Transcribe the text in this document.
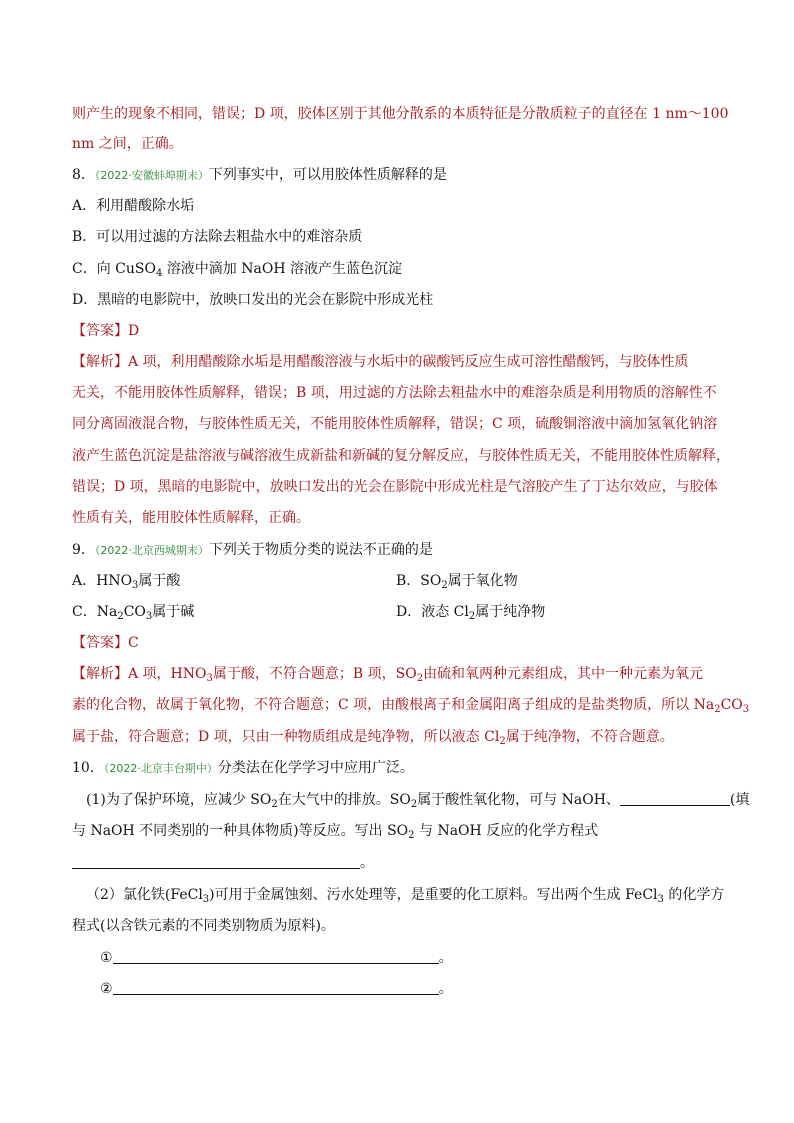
则产生的现象不相同，错误；D 项，胶体区别于其他分散系的本质特征是分散质粒子的直径在 1 nm～100
nm 之间，正确。
8．（2022·安徽蚌埠期末）下列事实中，可以用胶体性质解释的是
A．利用醋酸除水垢
B．可以用过滤的方法除去粗盐水中的难溶杂质
C．向 CuSO$_4$ 溶液中滴加 NaOH 溶液产生蓝色沉淀
D．黑暗的电影院中，放映口发出的光会在影院中形成光柱
【答案】D
【解析】A 项，利用醋酸除水垢是用醋酸溶液与水垢中的碳酸钙反应生成可溶性醋酸钙，与胶体性质
无关，不能用胶体性质解释，错误；B 项，用过滤的方法除去粗盐水中的难溶杂质是利用物质的溶解性不
同分离固液混合物，与胶体性质无关，不能用胶体性质解释，错误；C 项，硫酸铜溶液中滴加氢氧化钠溶
液产生蓝色沉淀是盐溶液与碱溶液生成新盐和新碱的复分解反应，与胶体性质无关，不能用胶体性质解释，
错误；D 项，黑暗的电影院中，放映口发出的光会在影院中形成光柱是气溶胶产生了丁达尔效应，与胶体
性质有关，能用胶体性质解释，正确。
9．（2022·北京西城期末）下列关于物质分类的说法不正确的是
A．$HNO_3$属于酸	B．$SO_2$属于氧化物
C．$Na_2CO_3$属于碱	D．液态 $Cl_2$属于纯净物
【答案】C
【解析】A 项，$HNO_3$属于酸，不符合题意；B 项，$SO_2$由硫和氧两种元素组成，其中一种元素为氧元
素的化合物，故属于氧化物，不符合题意；C 项，由酸根离子和金属阳离子组成的是盐类物质，所以 $Na_2CO_3$
属于盐，符合题意；D 项，只由一种物质组成是纯净物，所以液态 $Cl_2$属于纯净物，不符合题意。
10．（2022·北京丰台期中）分类法在化学学习中应用广泛。
(1)为了保护环境，应减少 $SO_2$在大气中的排放。$SO_2$属于酸性氧化物，可与 NaOH、	(填
与 NaOH 不同类别的一种具体物质)等反应。写出 $SO_2$ 与 NaOH 反应的化学方程式
。
（2）氯化铁(FeCl$_3$)可用于金属蚀刻、污水处理等，是重要的化工原料。写出两个生成 FeCl$_3$ 的化学方
程式(以含铁元素的不同类别物质为原料)。
①	。
②	。
